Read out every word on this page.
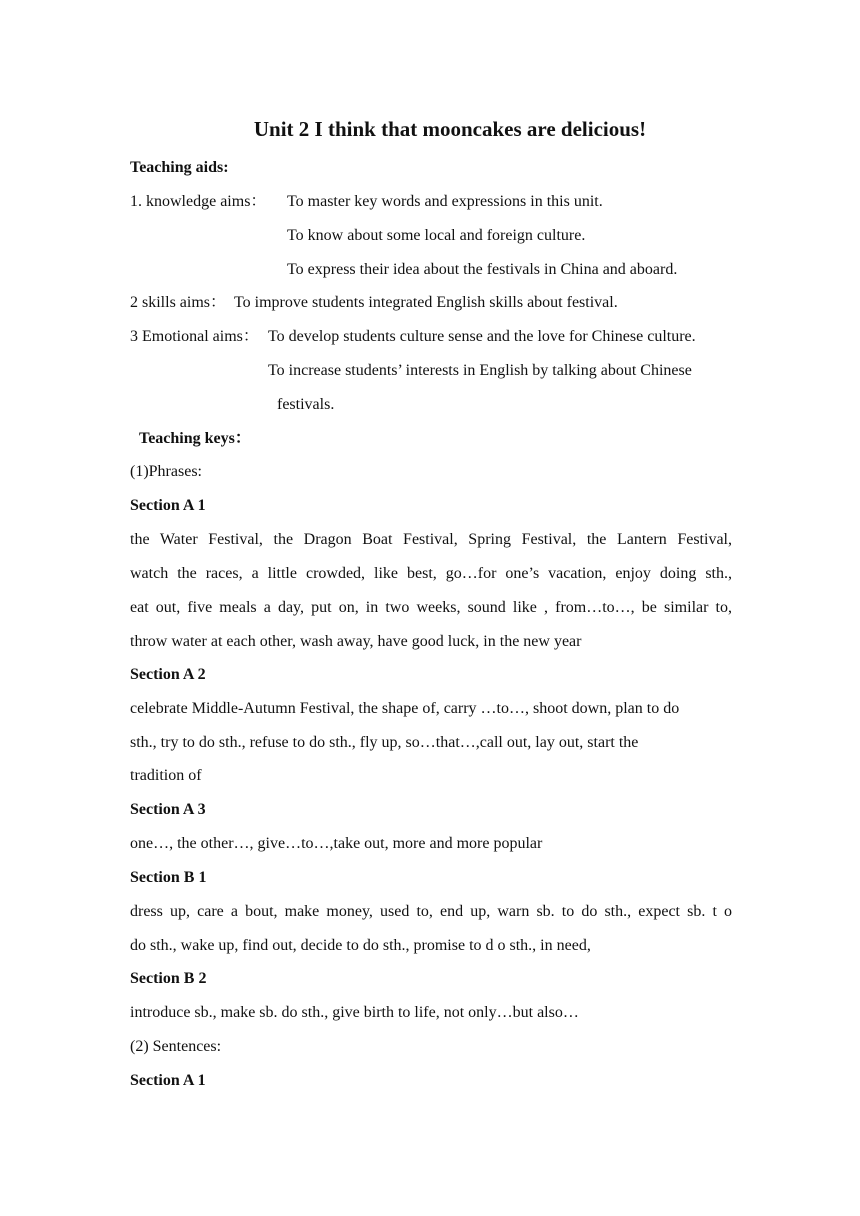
Unit 2 I think that mooncakes are delicious!
Teaching aids:
1. knowledge aims： To master key words and expressions in this unit.
To know about some local and foreign culture.
To express their idea about the festivals in China and aboard.
2 skills aims： To improve students integrated English skills about festival.
3 Emotional aims： To develop students culture sense and the love for Chinese culture.
To increase students’ interests in English by talking about Chinese
festivals.
Teaching keys：
(1)Phrases:
Section A 1
the Water Festival, the Dragon Boat Festival, Spring Festival, the Lantern Festival,
watch the races, a little crowded, like best, go…for one’s vacation, enjoy doing sth.,
eat out, five meals a day, put on, in two weeks, sound like , from…to…, be similar to,
throw water at each other, wash away, have good luck, in the new year
Section A 2
celebrate Middle-Autumn Festival, the shape of, carry …to…, shoot down, plan to do
sth., try to do sth., refuse to do sth., fly up, so…that…,call out, lay out, start the
tradition of
Section A 3
one…, the other…, give…to…,take out, more and more popular
Section B 1
dress up, care a bout, make money, used to, end up, warn sb. to do sth., expect sb. t o
do sth., wake up, find out, decide to do sth., promise to d o sth., in need,
Section B 2
introduce sb., make sb. do sth., give birth to life, not only…but also…
(2) Sentences:
Section A 1
